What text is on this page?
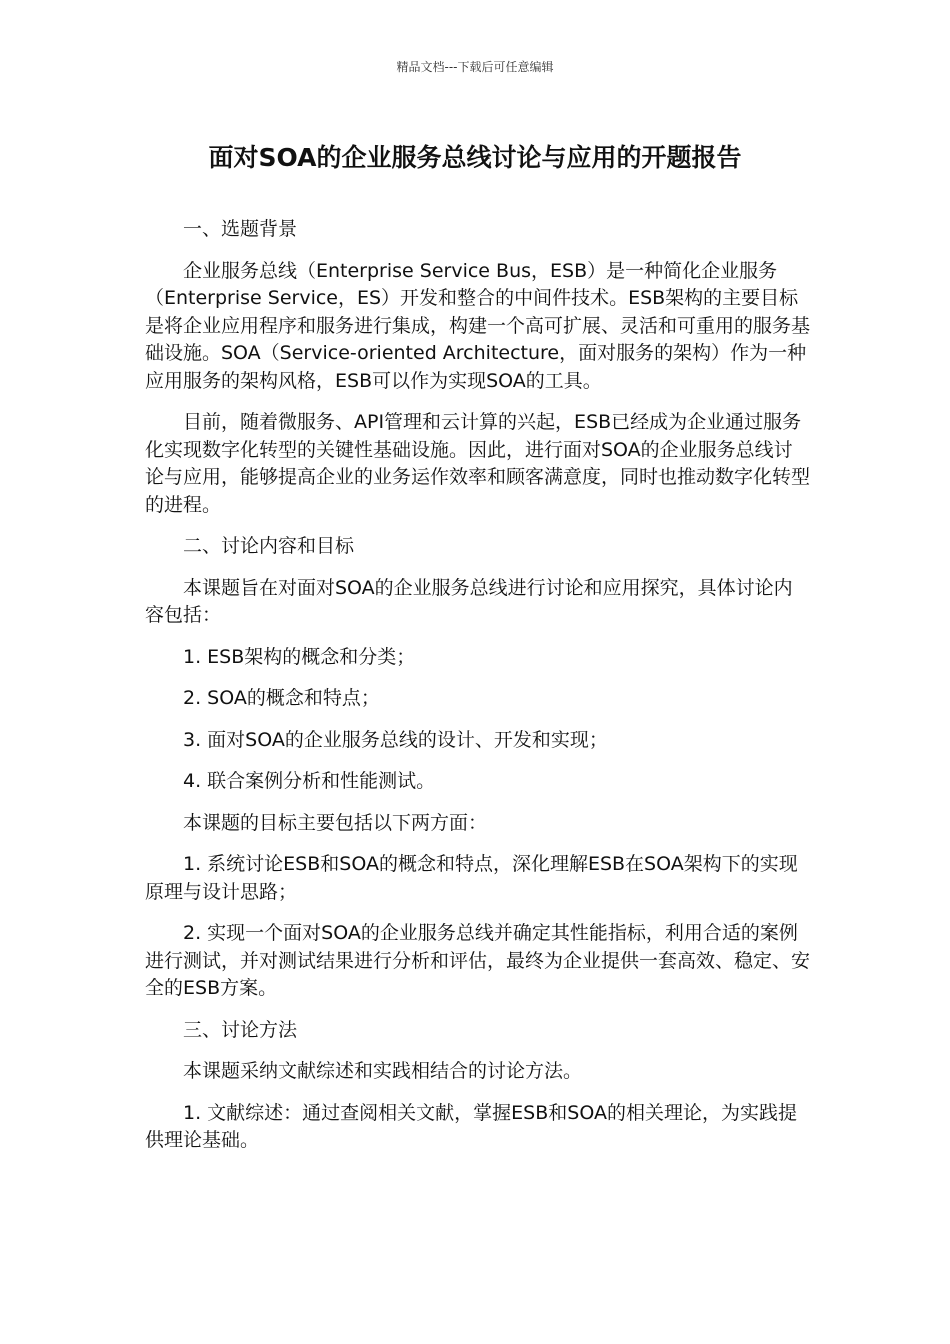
精品文档---下载后可任意编辑
面对SOA的企业服务总线讨论与应用的开题报告

一、选题背景

企业服务总线（Enterprise Service Bus，ESB）是一种简化企业服务（Enterprise Service，ES）开发和整合的中间件技术。ESB架构的主要目标是将企业应用程序和服务进行集成，构建一个高可扩展、灵活和可重用的服务基础设施。SOA（Service-oriented Architecture，面对服务的架构）作为一种应用服务的架构风格，ESB可以作为实现SOA的工具。

目前，随着微服务、API管理和云计算的兴起，ESB已经成为企业通过服务化实现数字化转型的关键性基础设施。因此，进行面对SOA的企业服务总线讨论与应用，能够提高企业的业务运作效率和顾客满意度，同时也推动数字化转型的进程。

二、讨论内容和目标

本课题旨在对面对SOA的企业服务总线进行讨论和应用探究，具体讨论内容包括：

1. ESB架构的概念和分类；

2. SOA的概念和特点；

3. 面对SOA的企业服务总线的设计、开发和实现；

4. 联合案例分析和性能测试。

本课题的目标主要包括以下两方面：

1. 系统讨论ESB和SOA的概念和特点，深化理解ESB在SOA架构下的实现原理与设计思路；

2. 实现一个面对SOA的企业服务总线并确定其性能指标，利用合适的案例进行测试，并对测试结果进行分析和评估，最终为企业提供一套高效、稳定、安全的ESB方案。

三、讨论方法

本课题采纳文献综述和实践相结合的讨论方法。

1. 文献综述：通过查阅相关文献，掌握ESB和SOA的相关理论，为实践提供理论基础。
